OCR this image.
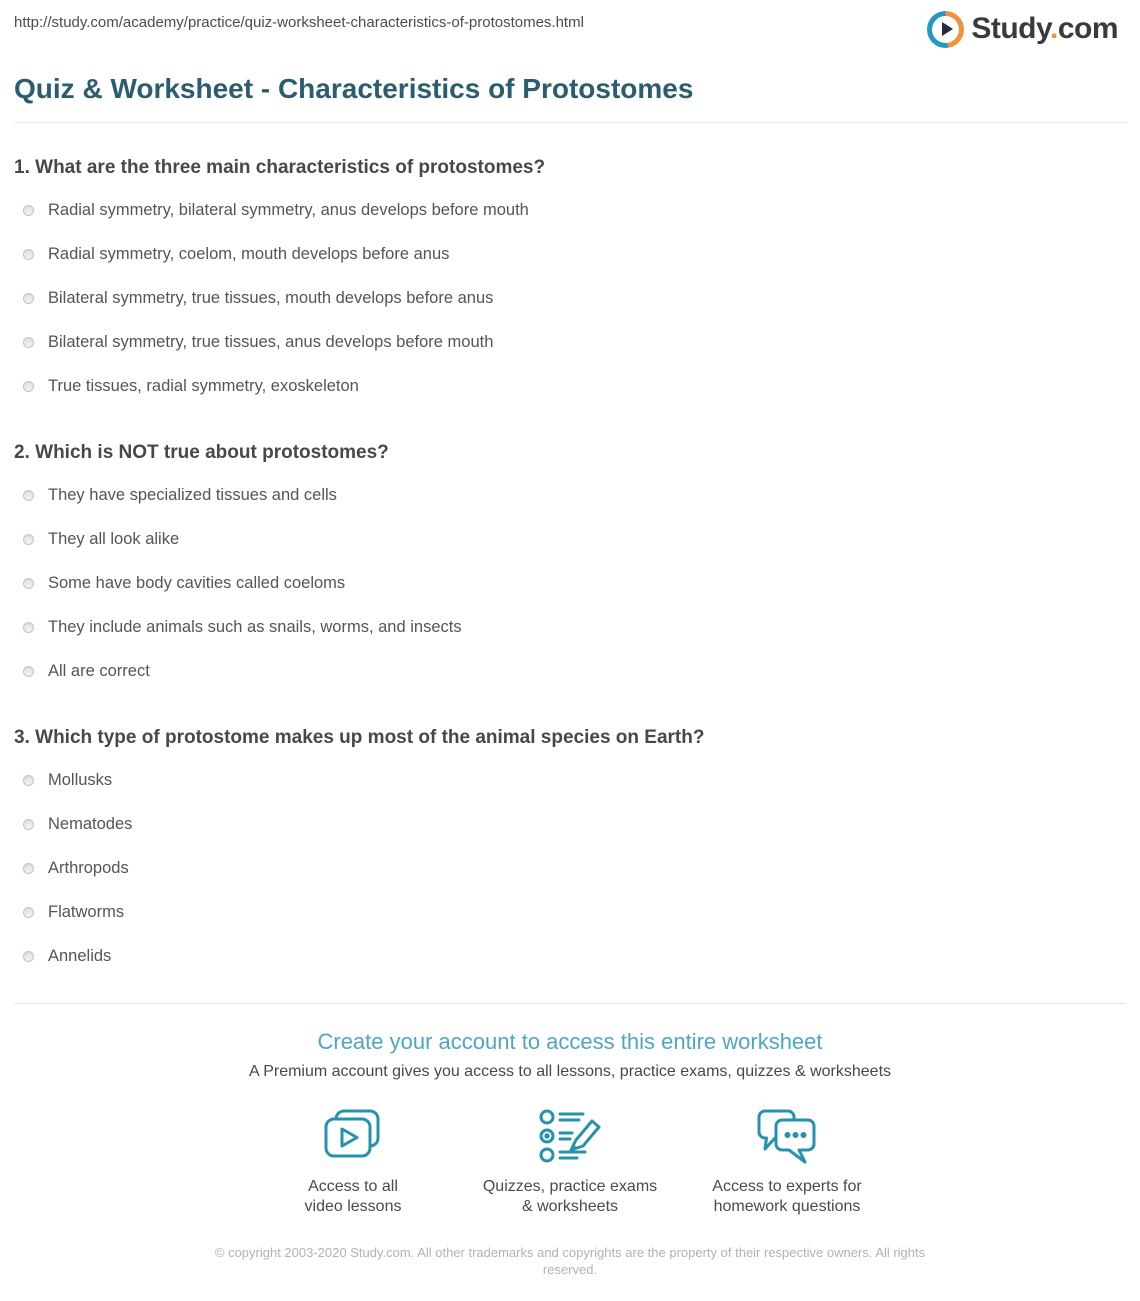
http://study.com/academy/practice/quiz-worksheet-characteristics-of-protostomes.html	Study.com
Quiz & Worksheet - Characteristics of Protostomes
1. What are the three main characteristics of protostomes?
Radial symmetry, bilateral symmetry, anus develops before mouth
Radial symmetry, coelom, mouth develops before anus
Bilateral symmetry, true tissues, mouth develops before anus
Bilateral symmetry, true tissues, anus develops before mouth
True tissues, radial symmetry, exoskeleton
2. Which is NOT true about protostomes?
They have specialized tissues and cells
They all look alike
Some have body cavities called coeloms
They include animals such as snails, worms, and insects
All are correct
3. Which type of protostome makes up most of the animal species on Earth?
Mollusks
Nematodes
Arthropods
Flatworms
Annelids
Create your account to access this entire worksheet
A Premium account gives you access to all lessons, practice exams, quizzes & worksheets
Access to all
video lessons
Quizzes, practice exams
& worksheets
Access to experts for
homework questions
© copyright 2003-2020 Study.com. All other trademarks and copyrights are the property of their respective owners. All rights reserved.
